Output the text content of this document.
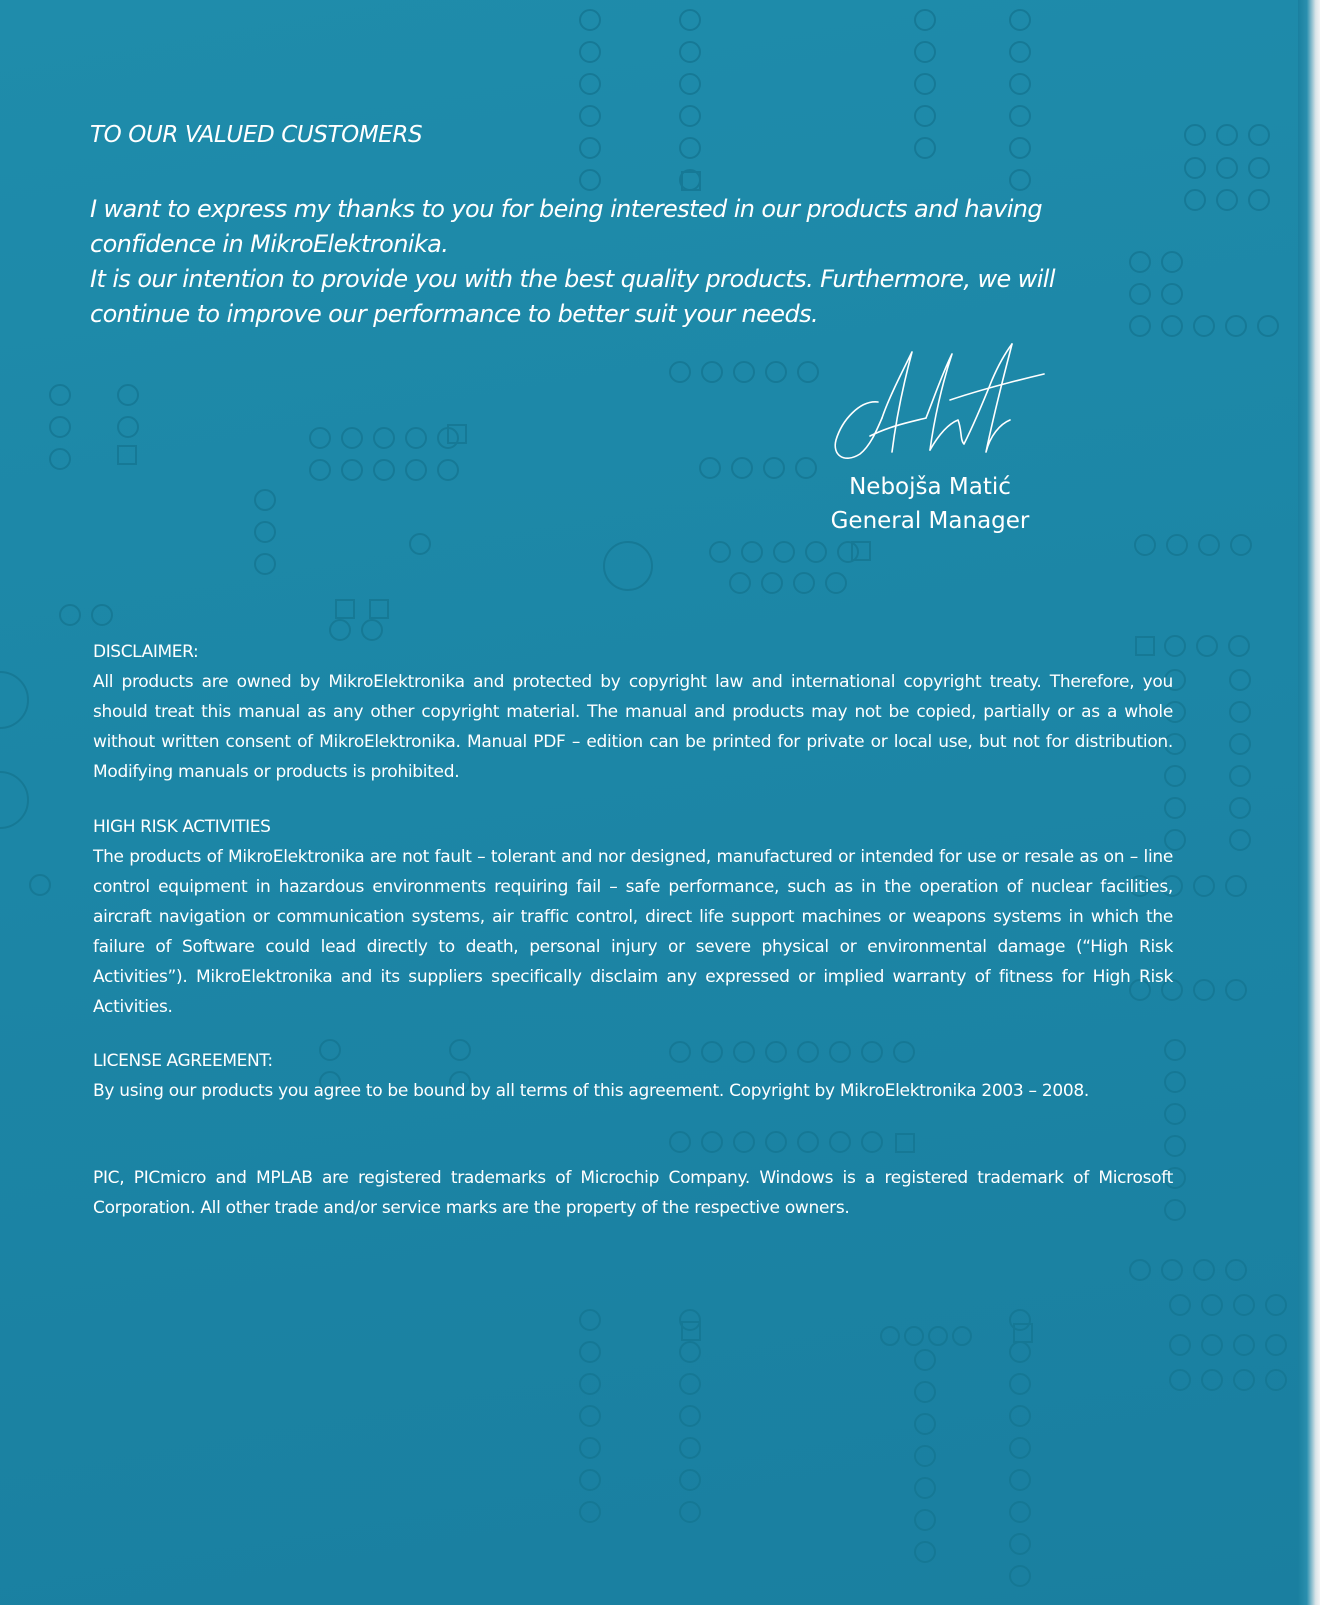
TO OUR VALUED CUSTOMERS
I want to express my thanks to you for being interested in our products and having
confidence in MikroElektronika.
It is our intention to provide you with the best quality products. Furthermore, we will
continue to improve our performance to better suit your needs.
Nebojša Matić
General Manager
DISCLAIMER:

All products are owned by MikroElektronika and protected by copyright law and international copyright treaty. Therefore, you should treat this manual as any other copyright material. The manual and products may not be copied, partially or as a whole without written consent of MikroElektronika. Manual PDF – edition can be printed for private or local use, but not for distribution. Modifying manuals or products is prohibited.

HIGH RISK ACTIVITIES

The products of MikroElektronika are not fault – tolerant and nor designed, manufactured or intended for use or resale as on – line control equipment in hazardous environments requiring fail – safe performance, such as in the operation of nuclear facilities, aircraft navigation or communication systems, air traffic control, direct life support machines or weapons systems in which the failure of Software could lead directly to death, personal injury or severe physical or environmental damage (“High Risk Activities”). MikroElektronika and its suppliers specifically disclaim any expressed or implied warranty of fitness for High Risk Activities.

LICENSE AGREEMENT:

By using our products you agree to be bound by all terms of this agreement. Copyright by MikroElektronika 2003 – 2008.

PIC, PICmicro and MPLAB are registered trademarks of Microchip Company. Windows is a registered trademark of Microsoft Corporation. All other trade and/or service marks are the property of the respective owners.
